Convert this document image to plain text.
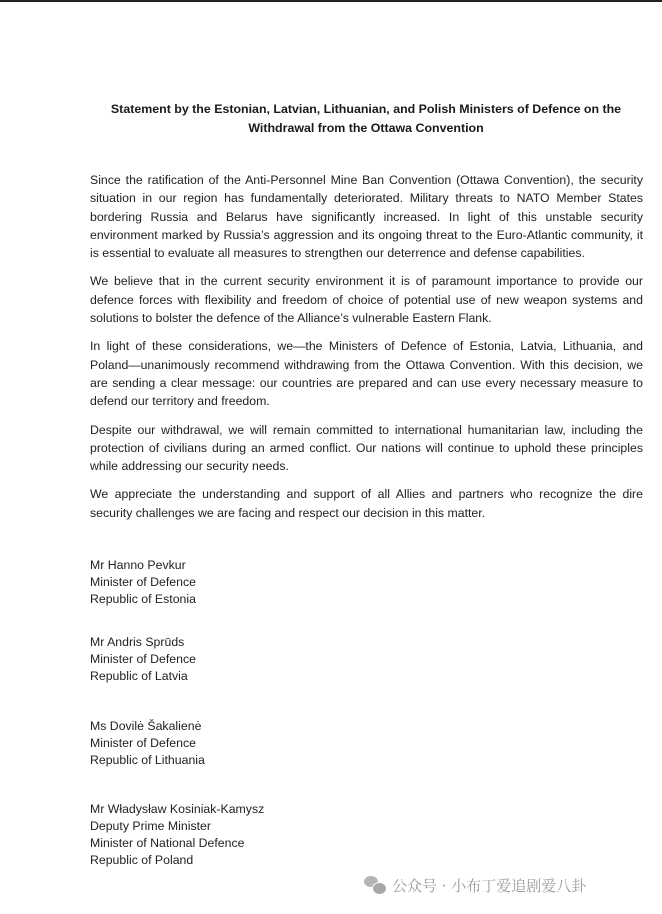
Statement by the Estonian, Latvian, Lithuanian, and Polish Ministers of Defence on the
Withdrawal from the Ottawa Convention

Since the ratification of the Anti-Personnel Mine Ban Convention (Ottawa Convention), the security situation in our region has fundamentally deteriorated. Military threats to NATO Member States bordering Russia and Belarus have significantly increased. In light of this unstable security environment marked by Russia’s aggression and its ongoing threat to the Euro-Atlantic community, it is essential to evaluate all measures to strengthen our deterrence and defense capabilities.

We believe that in the current security environment it is of paramount importance to provide our defence forces with flexibility and freedom of choice of potential use of new weapon systems and solutions to bolster the defence of the Alliance’s vulnerable Eastern Flank.

In light of these considerations, we—the Ministers of Defence of Estonia, Latvia, Lithuania, and Poland—unanimously recommend withdrawing from the Ottawa Convention. With this decision, we are sending a clear message: our countries are prepared and can use every necessary measure to defend our territory and freedom.

Despite our withdrawal, we will remain committed to international humanitarian law, including the protection of civilians during an armed conflict. Our nations will continue to uphold these principles while addressing our security needs.

We appreciate the understanding and support of all Allies and partners who recognize the dire security challenges we are facing and respect our decision in this matter.

Mr Hanno Pevkur
Minister of Defence
Republic of Estonia
Mr Andris Sprūds
Minister of Defence
Republic of Latvia
Ms Dovilė Šakalienė
Minister of Defence
Republic of Lithuania
Mr Władysław Kosiniak-Kamysz
Deputy Prime Minister
Minister of National Defence
Republic of Poland
公众号 · 小布丁爱追剧爱八卦
